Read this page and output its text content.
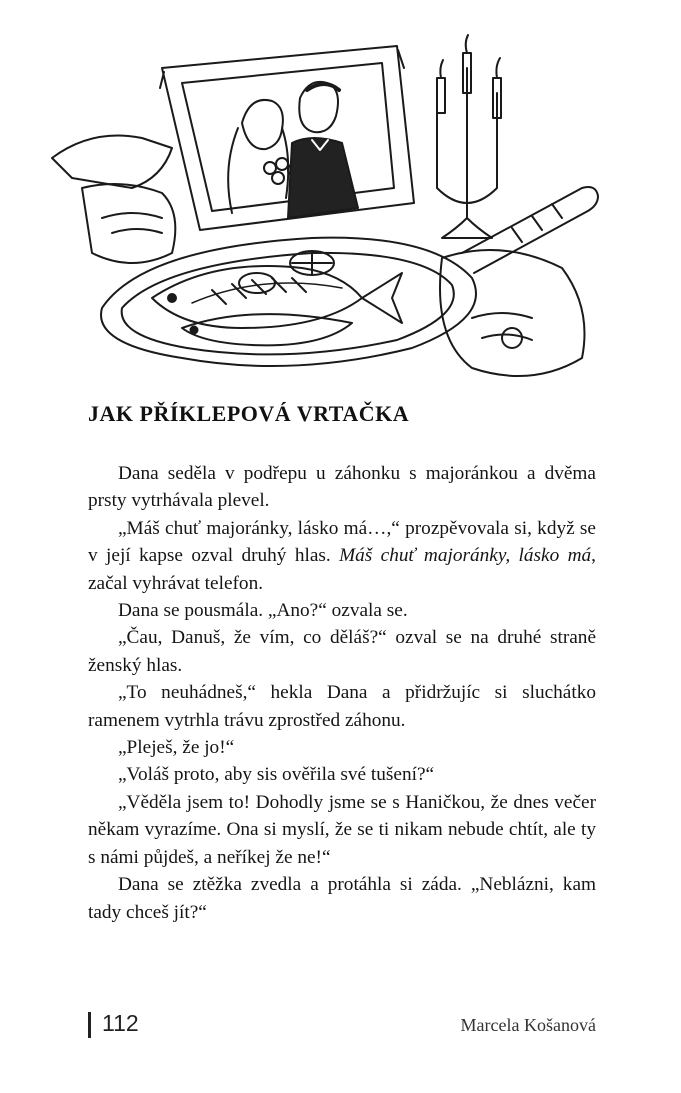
JAK PŘÍKLEPOVÁ VRTAČKA

Dana seděla v podřepu u záhonku s majoránkou a dvěma prsty vytrhávala plevel.

„Máš chuť majoránky, lásko má…,“ prozpěvovala si, když se v její kapse ozval druhý hlas. Máš chuť majoránky, lásko má, začal vyhrávat telefon.

Dana se pousmála. „Ano?“ ozvala se.

„Čau, Danuš, že vím, co děláš?“ ozval se na druhé straně ženský hlas.

„To neuhádneš,“ hekla Dana a přidržujíc si sluchátko ramenem vytrhla trávu zprostřed záhonu.

„Pleješ, že jo!“

„Voláš proto, aby sis ověřila své tušení?“

„Věděla jsem to! Dohodly jsme se s Haničkou, že dnes večer někam vyrazíme. Ona si myslí, že se ti nikam nebude chtít, ale ty s námi půjdeš, a neříkej že ne!“

Dana se ztěžka zvedla a protáhla si záda. „Neblázni, kam tady chceš jít?“

112	Marcela Košanová
